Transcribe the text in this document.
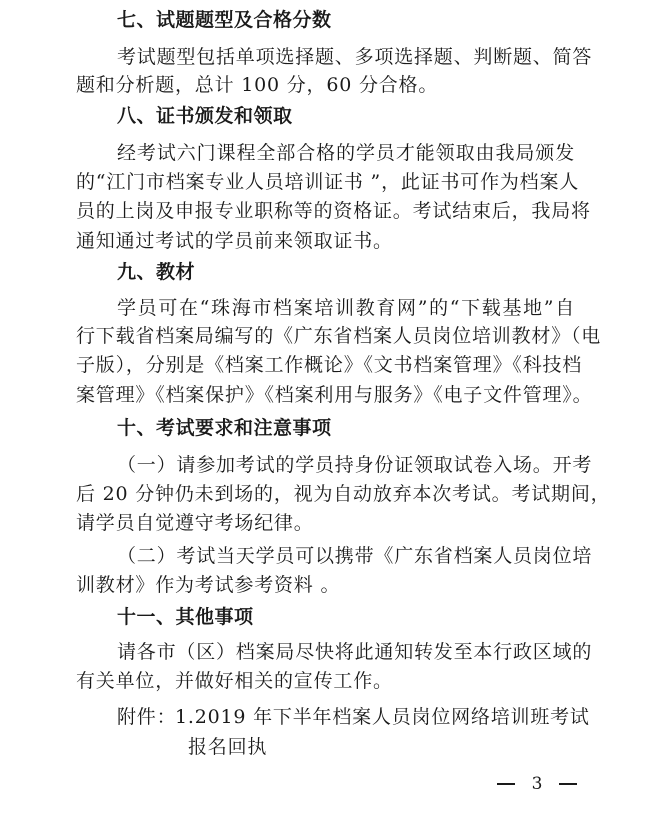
七、试题题型及合格分数
考试题型包括单项选择题、多项选择题、判断题、简答
题和分析题，总计 100 分，60 分合格。
八、证书颁发和领取
经考试六门课程全部合格的学员才能领取由我局颁发
的“江门市档案专业人员培训证书 ”，此证书可作为档案人
员的上岗及申报专业职称等的资格证。考试结束后，我局将
通知通过考试的学员前来领取证书。
九、教材
学员可在“珠海市档案培训教育网”的“下载基地”自
行下载省档案局编写的《广东省档案人员岗位培训教材》（电
子版），分别是《档案工作概论》《文书档案管理》《科技档
案管理》《档案保护》《档案利用与服务》《电子文件管理》。
十、考试要求和注意事项
（一）请参加考试的学员持身份证领取试卷入场。开考
后 20 分钟仍未到场的，视为自动放弃本次考试。考试期间，
请学员自觉遵守考场纪律。
（二）考试当天学员可以携带《广东省档案人员岗位培
训教材》作为考试参考资料 。
十一、其他事项
请各市（区）档案局尽快将此通知转发至本行政区域的
有关单位，并做好相关的宣传工作。
附件：
1.2019 年下半年档案人员岗位网络培训班考试
报名回执
3
